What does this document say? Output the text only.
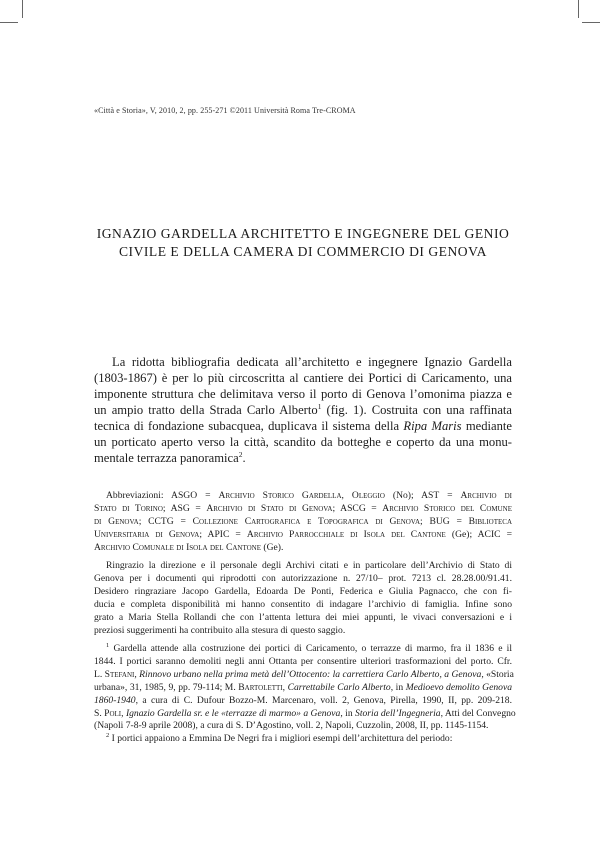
«Città e Storia», V, 2010, 2, pp. 255-271 ©2011 Università Roma Tre-CROMA
IGNAZIO GARDELLA ARCHITETTO E INGEGNERE DEL GENIO
CIVILE E DELLA CAMERA DI COMMERCIO DI GENOVA
La ridotta bibliografia dedicata all’architetto e ingegnere Ignazio Gardella
(1803-1867) è per lo più circoscritta al cantiere dei Portici di Caricamento, una
imponente struttura che delimitava verso il porto di Genova l’omonima piazza e
un ampio tratto della Strada Carlo Alberto$^1$ (fig. 1). Costruita con una raffinata
tecnica di fondazione subacquea, duplicava il sistema della Ripa Maris mediante
un porticato aperto verso la città, scandito da botteghe e coperto da una monu-
mentale terrazza panoramica$^2$.
Abbreviazioni: ASGO = Archivio Storico Gardella, Oleggio (No); AST = Archivio di
Stato di Torino; ASG = Archivio di Stato di Genova; ASCG = Archivio Storico del Comune
di Genova; CCTG = Collezione Cartografica e Topografica di Genova; BUG = Biblioteca
Universitaria di Genova; APIC = Archivio Parrocchiale di Isola del Cantone (Ge); ACIC =
Archivio Comunale di Isola del Cantone (Ge).
Ringrazio la direzione e il personale degli Archivi citati e in particolare dell’Archivio di Stato di
Genova per i documenti qui riprodotti con autorizzazione n. 27/10– prot. 7213 cl. 28.28.00/91.41.
Desidero ringraziare Jacopo Gardella, Edoarda De Ponti, Federica e Giulia Pagnacco, che con fi-
ducia e completa disponibilità mi hanno consentito di indagare l’archivio di famiglia. Infine sono
grato a Maria Stella Rollandi che con l’attenta lettura dei miei appunti, le vivaci conversazioni e i
preziosi suggerimenti ha contribuito alla stesura di questo saggio.
$^1$ Gardella attende alla costruzione dei portici di Caricamento, o terrazze di marmo, fra il 1836 e il
1844. I portici saranno demoliti negli anni Ottanta per consentire ulteriori trasformazioni del porto. Cfr.
L. Stefani, Rinnovo urbano nella prima metà dell’Ottocento: la carrettiera Carlo Alberto, a Genova, «Storia
urbana», 31, 1985, 9, pp. 79-114; M. Bartoletti, Carrettabile Carlo Alberto, in Medioevo demolito Genova
1860-1940, a cura di C. Dufour Bozzo-M. Marcenaro, voll. 2, Genova, Pirella, 1990, II, pp. 209-218.
S. Poli, Ignazio Gardella sr. e le «terrazze di marmo» a Genova, in Storia dell’Ingegneria, Atti del Convegno
(Napoli 7-8-9 aprile 2008), a cura di S. D’Agostino, voll. 2, Napoli, Cuzzolin, 2008, II, pp. 1145-1154.
$^2$ I portici appaiono a Emmina De Negri fra i migliori esempi dell’architettura del periodo:
